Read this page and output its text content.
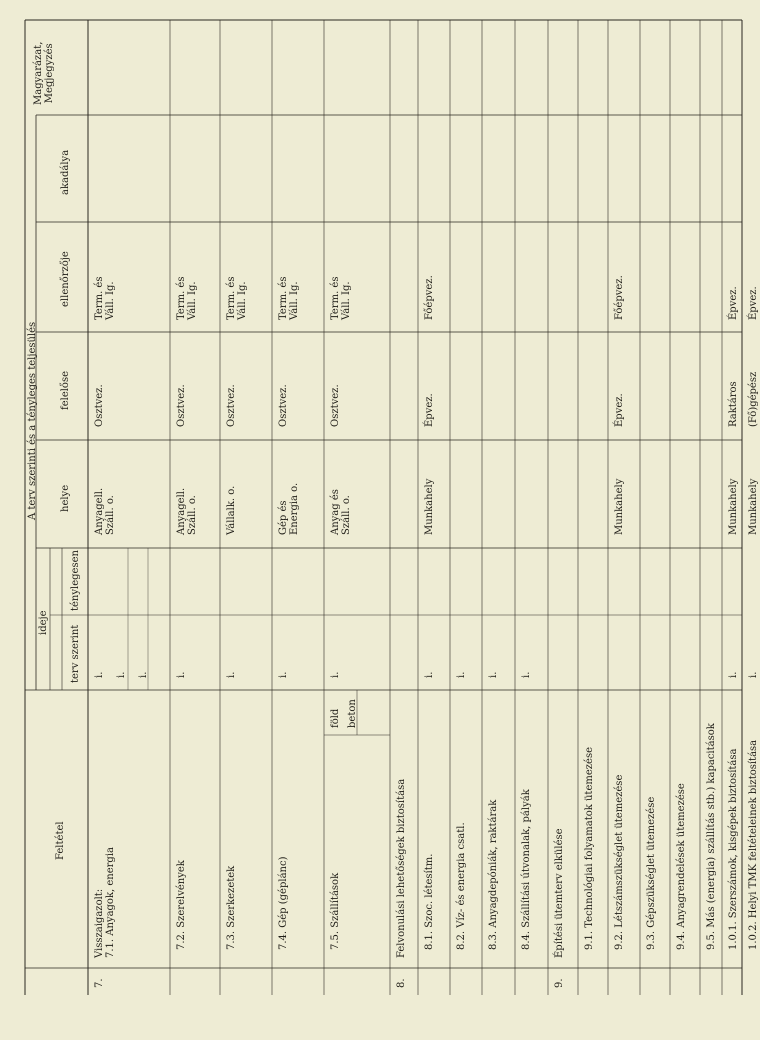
Feltétel
A terv szerinti és a tényleges teljesülés
ideje
terv szerint
ténylegesen
helye
felelőse
ellenőrzője
akadálya
Magyarázat,
Megjegyzés
7.
Visszaigazolt:
7.1. Anyagok, energia
i. i. i.
Anyagell.
Száll. o.
Osztvez.
Term. és
Váll. Ig.
7.2. Szerelvények
i.
Anyagell.
Száll. o.
Osztvez.
Term. és
Váll. Ig.
7.3. Szerkezetek
i.
Vállalk. o.
Osztvez.
Term. és
Váll. Ig.
7.4. Gép (géplánc)
i.
Gép és
Energia o.
Osztvez.
Term. és
Váll. Ig.
7.5. Szállítások
föld beton
i.
Anyag és
Száll. o.
Osztvez.
Term. és
Váll. Ig.
8.
Felvonulási lehetőségek biztosítása 8.1. Szoc. létesítm.
i.
Munkahely
Épvez.
Főépvez.
8.2. Víz- és energia csatl.
i.
8.3. Anyagdepóniák, raktárak
i.
8.4. Szállítási útvonalak, pályák
i.
9.
Építési ütemterv elkülése 9.1. Technológiai folyamatok ütemezése 9.2. Létszámszükséglet ütemezése
Munkahely
Épvez.
Főépvez.
9.3. Gépszükséglet ütemezése 9.4. Anyagrendelések ütemezése 9.5. Más (energia) szállítás stb.) kapacitások 1.0.1. Szerszámok, kisgépek biztosítása
i.
Munkahely
Raktáros
Épvez.
1.0.2. Helyi TMK feltételeinek biztosítása
i.
Munkahely
(Fő)gépész
Épvez.
